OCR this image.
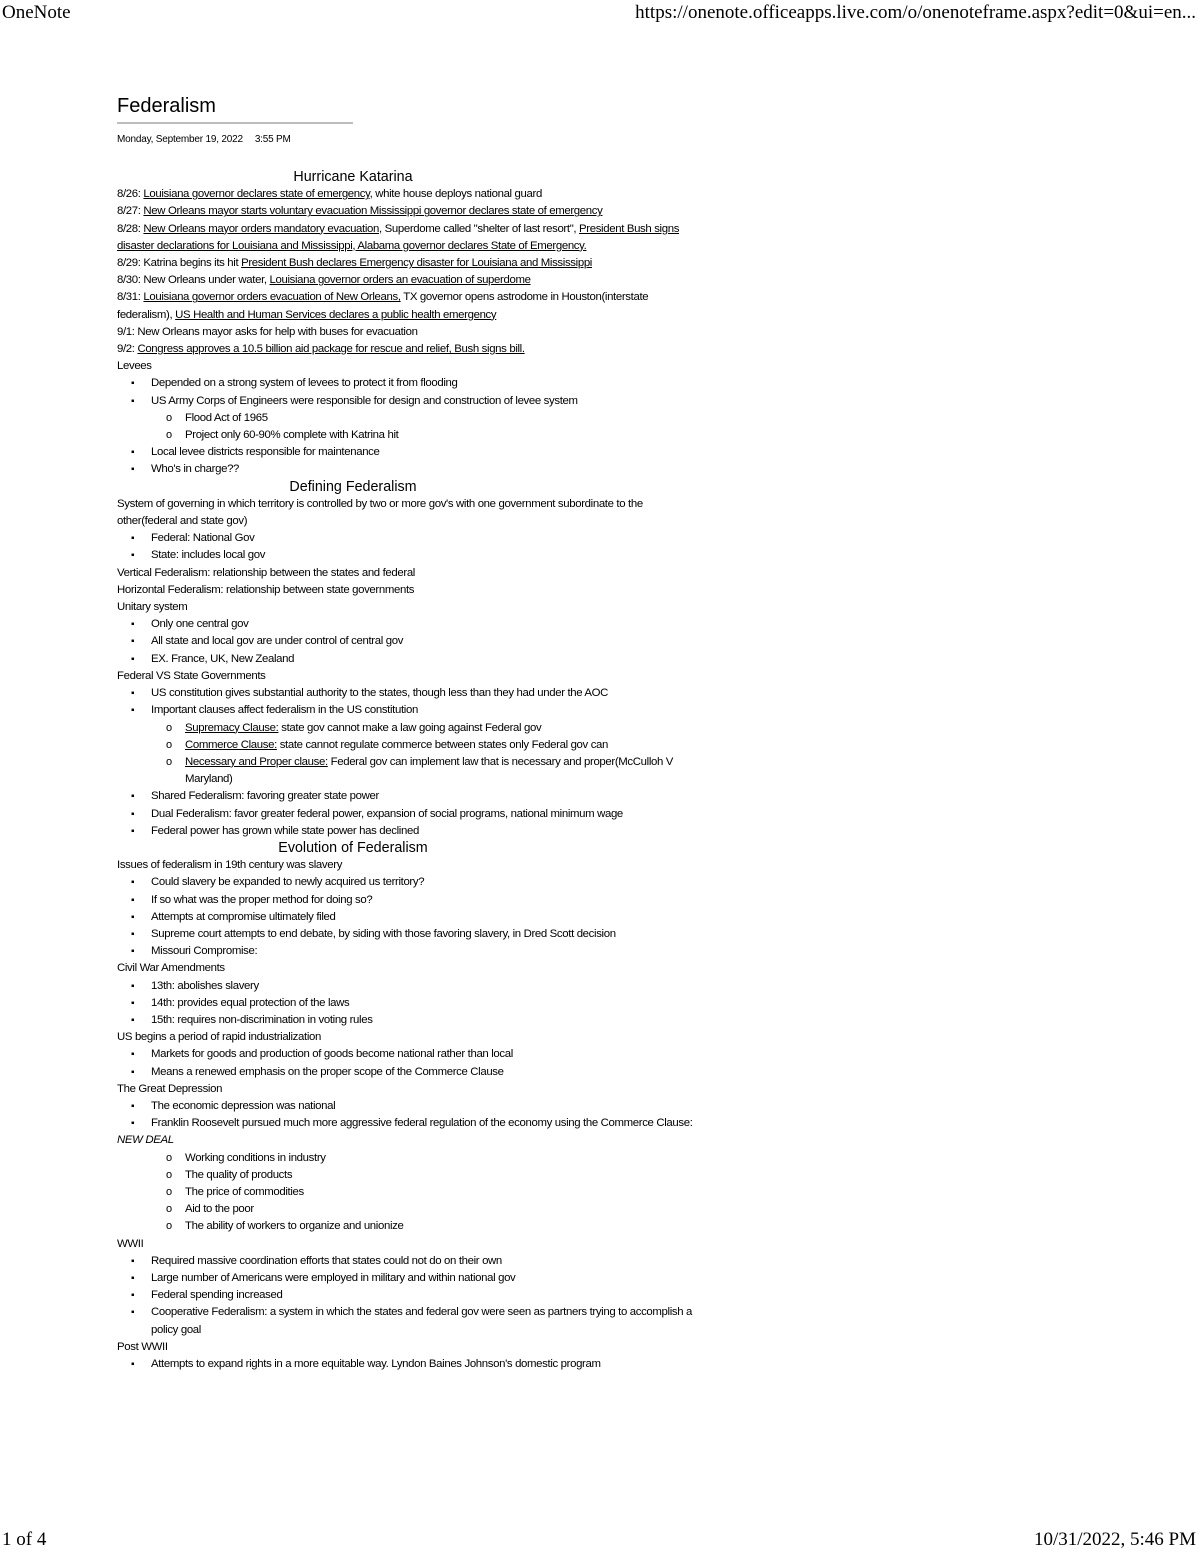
OneNote	https://onenote.officeapps.live.com/o/onenoteframe.aspx?edit=0&ui=en...
Federalism
Monday, September 19, 2022 3:55 PM
Hurricane Katarina

8/26: Louisiana governor declares state of emergency, white house deploys national guard

8/27: New Orleans mayor starts voluntary evacuation Mississippi governor declares state of emergency

8/28: New Orleans mayor orders mandatory evacuation, Superdome called "shelter of last resort", President Bush signs disaster declarations for Louisiana and Mississippi, Alabama governor declares State of Emergency.

8/29: Katrina begins its hit President Bush declares Emergency disaster for Louisiana and Mississippi

8/30: New Orleans under water, Louisiana governor orders an evacuation of superdome

8/31: Louisiana governor orders evacuation of New Orleans, TX governor opens astrodome in Houston(interstate federalism), US Health and Human Services declares a public health emergency

9/1: New Orleans mayor asks for help with buses for evacuation

9/2: Congress approves a 10.5 billion aid package for rescue and relief, Bush signs bill.

Levees

▪ Depended on a strong system of levees to protect it from flooding
▪ US Army Corps of Engineers were responsible for design and construction of levee system
o Flood Act of 1965
o Project only 60-90% complete with Katrina hit
▪ Local levee districts responsible for maintenance
▪ Who's in charge??
Defining Federalism

System of governing in which territory is controlled by two or more gov's with one government subordinate to the other(federal and state gov)

▪ Federal: National Gov
▪ State: includes local gov

Vertical Federalism: relationship between the states and federal

Horizontal Federalism: relationship between state governments

Unitary system

▪ Only one central gov
▪ All state and local gov are under control of central gov
▪ EX. France, UK, New Zealand

Federal VS State Governments

▪ US constitution gives substantial authority to the states, though less than they had under the AOC
▪ Important clauses affect federalism in the US constitution
o Supremacy Clause: state gov cannot make a law going against Federal gov
o Commerce Clause: state cannot regulate commerce between states only Federal gov can
o Necessary and Proper clause: Federal gov can implement law that is necessary and proper(McCulloh V Maryland)
▪ Shared Federalism: favoring greater state power
▪ Dual Federalism: favor greater federal power, expansion of social programs, national minimum wage
▪ Federal power has grown while state power has declined
Evolution of Federalism

Issues of federalism in 19th century was slavery

▪ Could slavery be expanded to newly acquired us territory?
▪ If so what was the proper method for doing so?
▪ Attempts at compromise ultimately filed
▪ Supreme court attempts to end debate, by siding with those favoring slavery, in Dred Scott decision
▪ Missouri Compromise:

Civil War Amendments

▪ 13th: abolishes slavery
▪ 14th: provides equal protection of the laws
▪ 15th: requires non-discrimination in voting rules

US begins a period of rapid industrialization

▪ Markets for goods and production of goods become national rather than local
▪ Means a renewed emphasis on the proper scope of the Commerce Clause

The Great Depression

▪ The economic depression was national
▪ Franklin Roosevelt pursued much more aggressive federal regulation of the economy using the Commerce Clause:

NEW DEAL

o Working conditions in industry
o The quality of products
o The price of commodities
o Aid to the poor
o The ability of workers to organize and unionize

WWII

▪ Required massive coordination efforts that states could not do on their own
▪ Large number of Americans were employed in military and within national gov
▪ Federal spending increased
▪ Cooperative Federalism: a system in which the states and federal gov were seen as partners trying to accomplish a policy goal

Post WWII

▪ Attempts to expand rights in a more equitable way. Lyndon Baines Johnson's domestic program
1 of 4	10/31/2022, 5:46 PM
